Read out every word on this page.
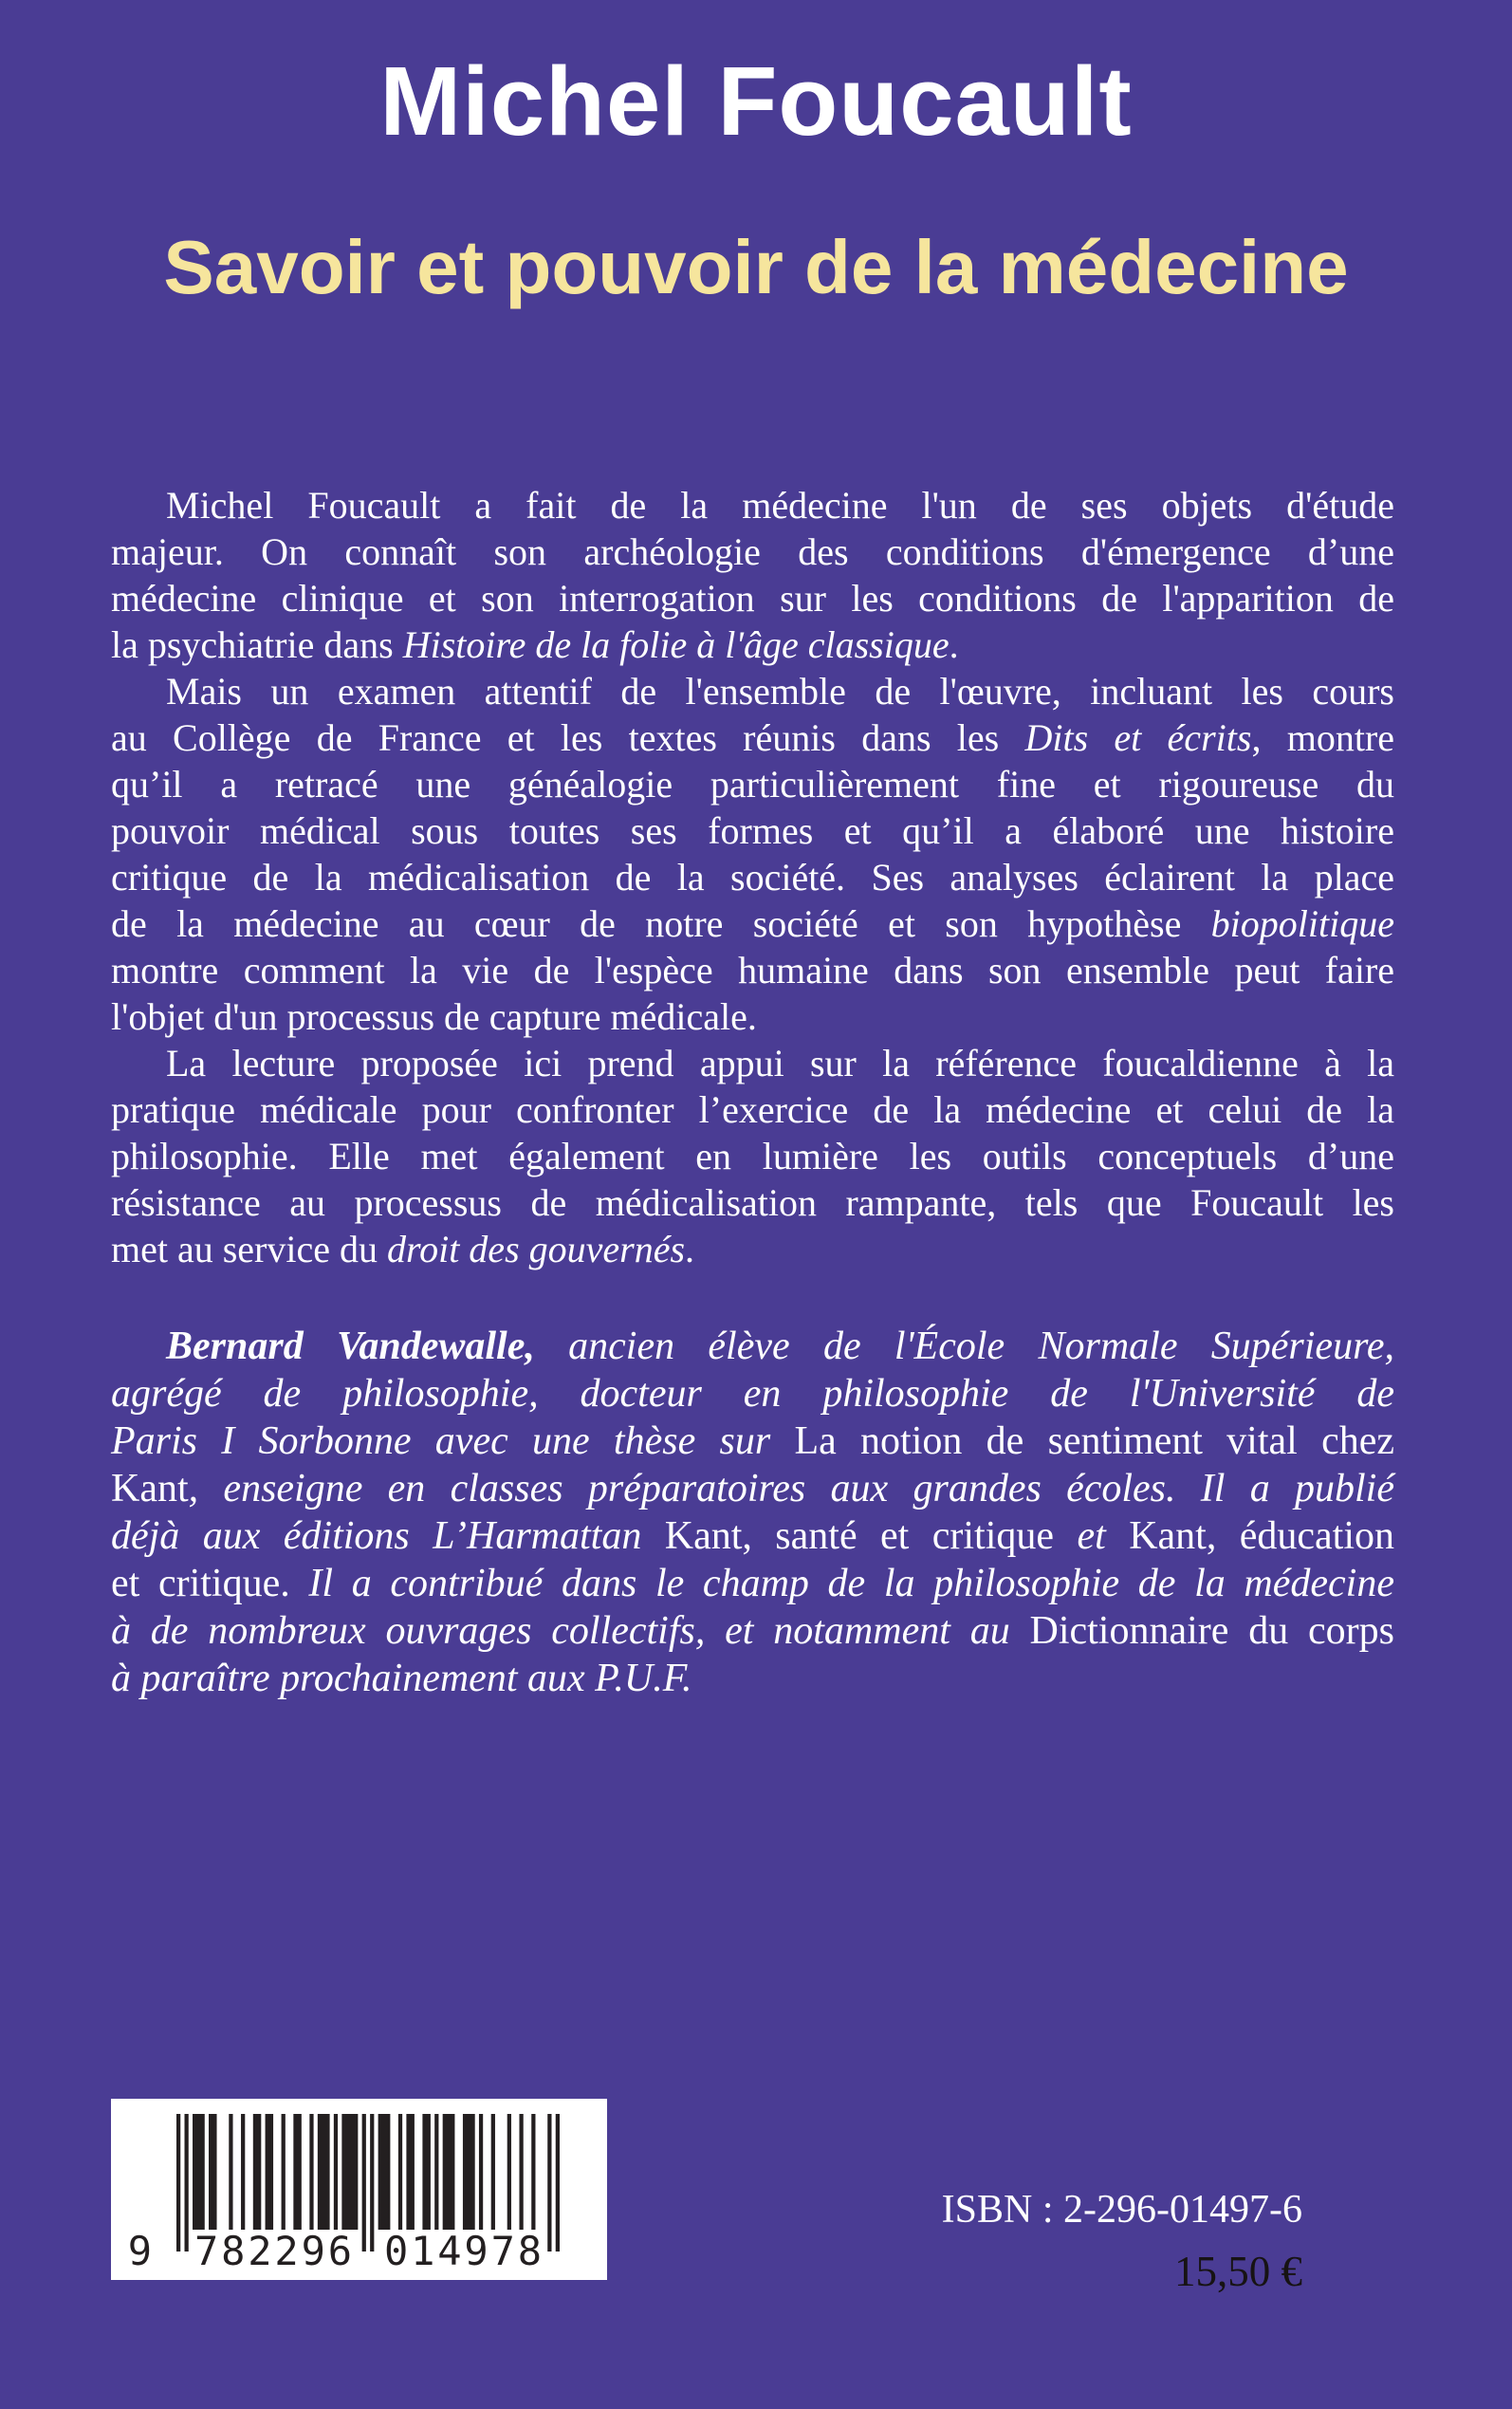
Michel Foucault
Savoir et pouvoir de la médecine
Michel Foucault a fait de la médecine l'un de ses objets d'étude
majeur. On connaît son archéologie des conditions d'émergence d’une
médecine clinique et son interrogation sur les conditions de l'apparition de
la psychiatrie dans Histoire de la folie à l'âge classique.
Mais un examen attentif de l'ensemble de l'œuvre, incluant les cours
au Collège de France et les textes réunis dans les Dits et écrits, montre
qu’il a retracé une généalogie particulièrement fine et rigoureuse du
pouvoir médical sous toutes ses formes et qu’il a élaboré une histoire
critique de la médicalisation de la société. Ses analyses éclairent la place
de la médecine au cœur de notre société et son hypothèse biopolitique
montre comment la vie de l'espèce humaine dans son ensemble peut faire
l'objet d'un processus de capture médicale.
La lecture proposée ici prend appui sur la référence foucaldienne à la
pratique médicale pour confronter l’exercice de la médecine et celui de la
philosophie. Elle met également en lumière les outils conceptuels d’une
résistance au processus de médicalisation rampante, tels que Foucault les
met au service du droit des gouvernés.
Bernard Vandewalle, ancien élève de l'École Normale Supérieure,
agrégé de philosophie, docteur en philosophie de l'Université de
Paris I Sorbonne avec une thèse sur La notion de sentiment vital chez
Kant, enseigne en classes préparatoires aux grandes écoles. Il a publié
déjà aux éditions L’Harmattan Kant, santé et critique et Kant, éducation
et critique. Il a contribué dans le champ de la philosophie de la médecine
à de nombreux ouvrages collectifs, et notamment au Dictionnaire du corps
à paraître prochainement aux P.U.F.
9 782296 014978
ISBN : 2-296-01497-6
15,50 €
